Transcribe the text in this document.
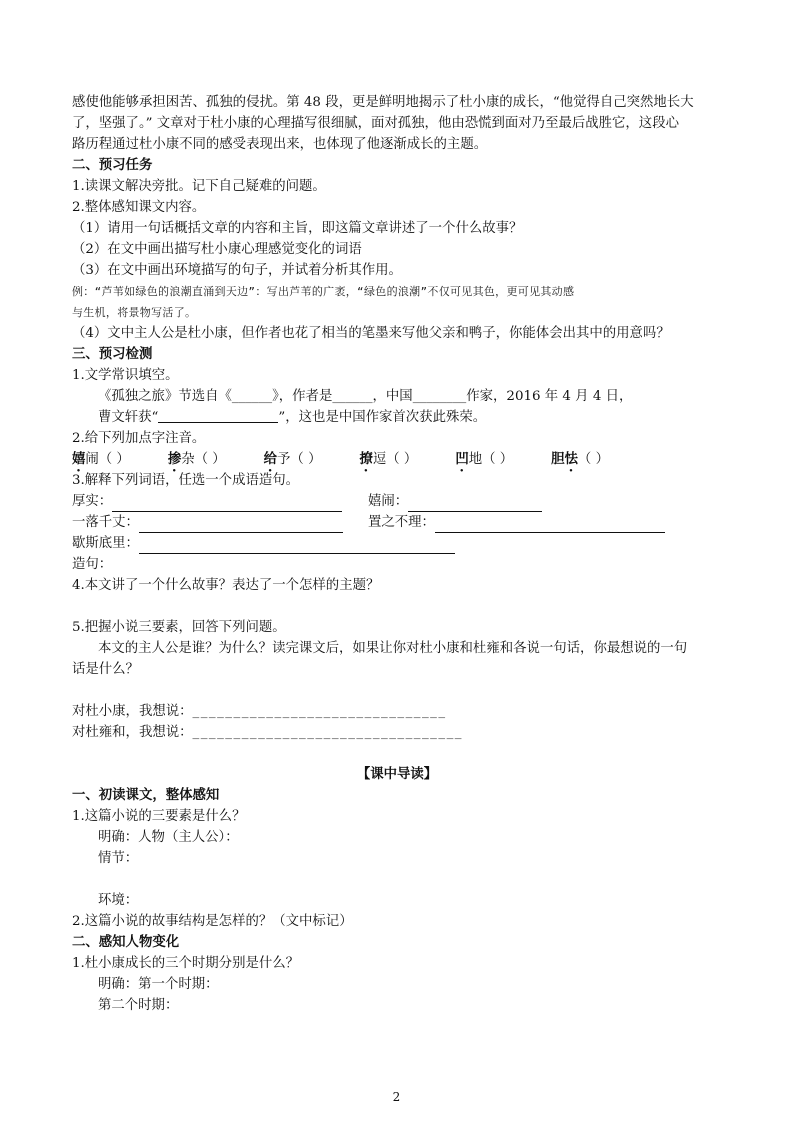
感使他能够承担困苦、孤独的侵扰。第 48 段，更是鲜明地揭示了杜小康的成长，“他觉得自己突然地长大
了，坚强了。” 文章对于杜小康的心理描写很细腻，面对孤独，他由恐慌到面对乃至最后战胜它，这段心
路历程通过杜小康不同的感受表现出来，也体现了他逐渐成长的主题。
二、预习任务
1.读课文解决旁批。记下自己疑难的问题。
2.整体感知课文内容。
（1）请用一句话概括文章的内容和主旨，即这篇文章讲述了一个什么故事？
（2）在文中画出描写杜小康心理感觉变化的词语
（3）在文中画出环境描写的句子，并试着分析其作用。
例：“芦苇如绿色的浪潮直涌到天边”：写出芦苇的广袤，“绿色的浪潮”不仅可见其色，更可见其动感
与生机，将景物写活了。
（4）文中主人公是杜小康，但作者也花了相当的笔墨来写他父亲和鸭子，你能体会出其中的用意吗？
三、预习检测
1.文学常识填空。
《孤独之旅》节选自《______》，作者是______，中国________作家，2016 年 4 月 4 日，
曹文轩获“	”，这也是中国作家首次获此殊荣。
2.给下列加点字注音。
嬉闹（ ）	掺杂（ ）	给予（ ）	撩逗（ ）	凹地（ ）	胆怯（ ）
3.解释下列词语，任选一个成语造句。
厚实：	嬉闹：
一落千丈：	置之不理：
歇斯底里：
造句：
4.本文讲了一个什么故事？表达了一个怎样的主题？
5.把握小说三要素，回答下列问题。
本文的主人公是谁？为什么？读完课文后，如果让你对杜小康和杜雍和各说一句话，你最想说的一句
话是什么？
对杜小康，我想说：_______________________________
对杜雍和，我想说：_________________________________
【课中导读】
一、初读课文，整体感知
1.这篇小说的三要素是什么？
明确：人物（主人公）：
情节：
环境：
2.这篇小说的故事结构是怎样的？（文中标记）
二、感知人物变化
1.杜小康成长的三个时期分别是什么？
明确：第一个时期：
第二个时期：
2
